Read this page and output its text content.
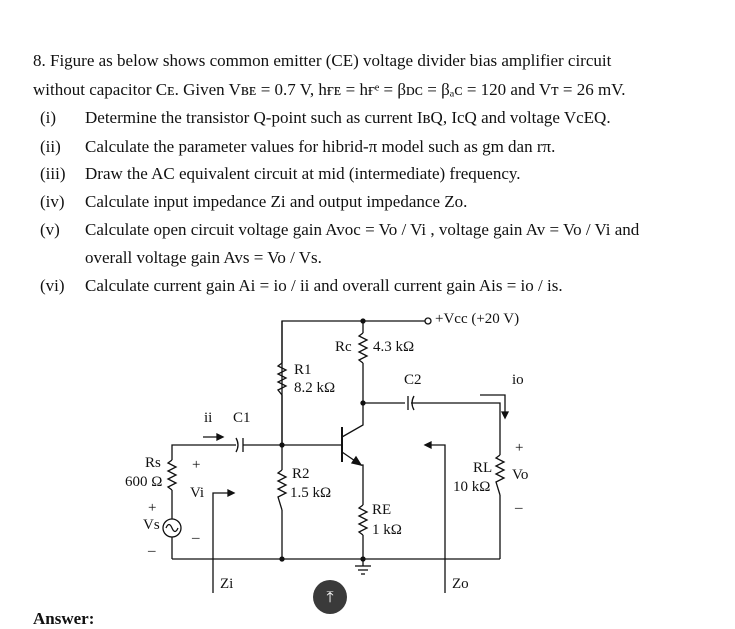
8. Figure as below shows common emitter (CE) voltage divider bias amplifier circuit
without capacitor Cᴇ. Given Vʙᴇ = 0.7 V, hғᴇ = hғᵉ = βᴅᴄ = βₐᴄ = 120 and Vᴛ = 26 mV.
(i) Determine the transistor Q-point such as current IʙQ, IcQ and voltage VcEQ.
(ii) Calculate the parameter values for hibrid-π model such as gm dan rπ.
(iii) Draw the AC equivalent circuit at mid (intermediate) frequency.
(iv) Calculate input impedance Zi and output impedance Zo.
(v) Calculate open circuit voltage gain Avoc = Vo / Vi , voltage gain Av = Vo / Vi and
overall voltage gain Avs = Vo / Vs.
(vi) Calculate current gain Ai = io / ii and overall current gain Ais = io / is.
+Vcc (+20 V)
Rc 4.3 kΩ
R1
8.2 kΩ	C2	io
ii C1
Rs
600 Ω
+
Vi
–
+
Vs
–
R2
1.5 kΩ
RE
1 kΩ
RL
10 kΩ
+
Vo
–
Zi	Zo
⤒
Answer:
